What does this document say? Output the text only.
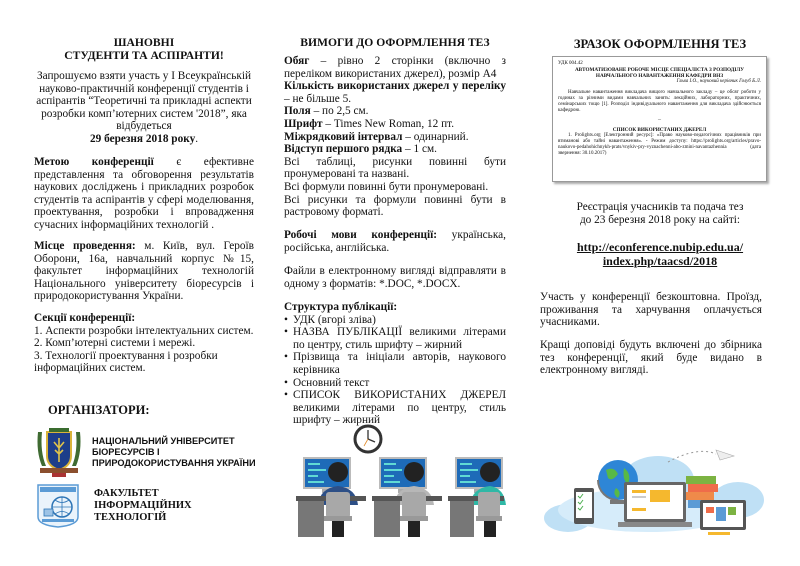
ШАНОВНІ
СТУДЕНТИ ТА АСПІРАНТИ!

Запрошуємо взяти участь у І Всеукраїнській науково-практичній конференції студентів і аспірантів “Теоретичні та прикладні аспекти розробки комп’ютерних систем '2018”, яка відбудеться
29 березня 2018 року.

Метою конференції є ефективне представлення та обговорення результатів наукових досліджень і прикладних розробок студентів та аспірантів у сфері моделювання, проектування, розробки і впровадження сучасних інформаційних технологій .

Місце проведення: м. Київ, вул. Героїв Оборони, 16а, навчальний корпус №15, факультет інформаційних технологій Національного університету біоресурсів і природокористування України.

Секції конференції:

1. Аспекти розробки інтелектуальних систем.

2. Комп’ютерні системи і мережі.

3. Технології проектування і розробки інформаційних систем.

ОРГАНІЗАТОРИ:
НАЦІОНАЛЬНИЙ УНІВЕРСИТЕТ БІОРЕСУРСІВ І ПРИРОДОКОРИСТУВАННЯ УКРАЇНИ
ФАКУЛЬТЕТ ІНФОРМАЦІЙНИХ ТЕХНОЛОГІЙ
ВИМОГИ ДО ОФОРМЛЕННЯ ТЕЗ

Обяг – рівно 2 сторінки (включно з переліком використаних джерел), розмір А4

Кількість використаних джерел у переліку – не більше 5.

Поля – по 2,5 см.

Шрифт – Times New Roman, 12 пт.

Міжрядковий інтервал – одинарний.

Відступ першого рядка – 1 см.

Всі таблиці, рисунки повинні бути пронумеровані та названі.

Всі формули повинні бути пронумеровані.

Всі рисунки та формули повинні бути в растровому форматі.

Робочі мови конференції: українська, російська, англійська.

Файли в електронному вигляді відправляти в одному з форматів: *.DOC, *.DOCX.

Структура публікації:

• УДК (вгорі зліва)
• НАЗВА ПУБЛІКАЦІЇ великими літерами по центру, стиль шрифту – жирний
• Прізвища та ініціали авторів, наукового керівника
• Основний текст
• СПИСОК ВИКОРИСТАНИХ ДЖЕРЕЛ великими літерами по центру, стиль шрифту – жирний
ЗРАЗОК ОФОРМЛЕННЯ ТЕЗ
УДК 004.42
АВТОМАТИЗОВАНЕ РОБОЧЕ МІСЦЕ СПЕЦІАЛІСТА З РОЗПОДІЛУ НАВЧАЛЬНОГО НАВАНТАЖЕННЯ КАФЕДРИ ВНЗ
Гльва І.О., науковий керівник Голуб Б.Л.
Навчальне навантаження викладача вищого навчального закладу – це обсяг роботи у годинах за різними видами навчальних занять: лекційних, лабораторних, практичних, семінарських тощо [1]. Розподіл індивідуального навантаження для викладача здійснюється кафедрою.
...
СПИСОК ВИКОРИСТАНИХ ДЖЕРЕЛ
1. Prolights.org [Електронний ресурс]: «Право науково-педагогічних працівників при втиманові або тайні навантаження». - Режим доступу: https://prolights.org/articles/pravo-naukovo-pedahohichnykh-prats/vnykiv-pry-vyznachenni-abo-zmini-navantazhennia (дата звернення: 30.10.2017)

Реєстрація учасників та подача тез
до 23 березня 2018 року на сайті:

http://econference.nubip.edu.ua/
index.php/taacsd/2018

Участь у конференції безкоштовна. Проїзд, проживання та харчування оплачується учасниками.

Кращі доповіді будуть включені до збірника тез конференції, який буде видано в електронному вигляді.
